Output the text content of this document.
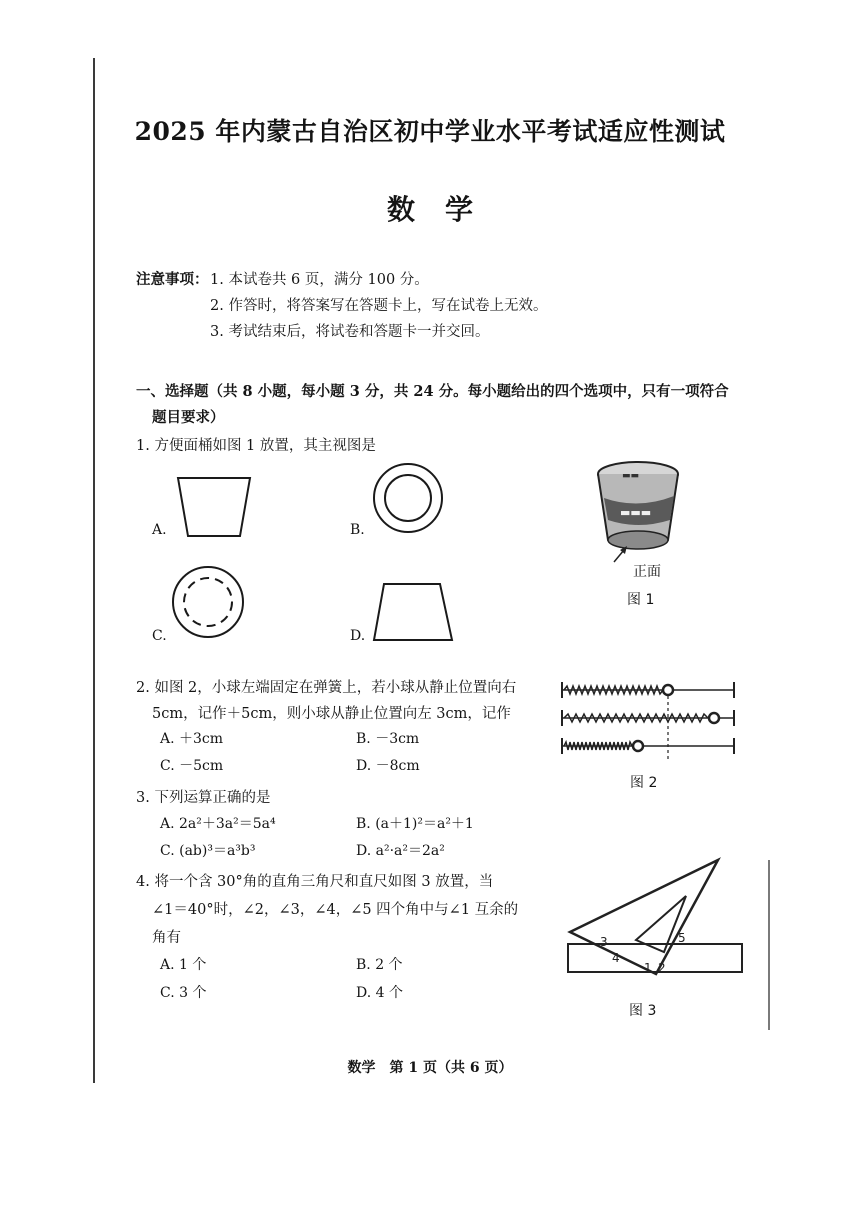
2025 年内蒙古自治区初中学业水平考试适应性测试
数学
注意事项： 1. 本试卷共 6 页，满分 100 分。
2. 作答时，将答案写在答题卡上，写在试卷上无效。
3. 考试结束后，将试卷和答题卡一并交回。
一、选择题（共 8 小题，每小题 3 分，共 24 分。每小题给出的四个选项中，只有一项符合
题目要求）
1. 方便面桶如图 1 放置，其主视图是
A.	B.
C.	D.
▬▬▬
▬▬
正面
图 1
2. 如图 2，小球左端固定在弹簧上，若小球从静止位置向右
5cm，记作＋5cm，则小球从静止位置向左 3cm，记作
A. ＋3cm	B. －3cm
C. －5cm	D. －8cm
图 2
3. 下列运算正确的是
A. 2a²＋3a²＝5a⁴	B. (a＋1)²＝a²＋1
C. (ab)³＝a³b³	D. a²·a²＝2a²
4. 将一个含 30°角的直角三角尺和直尺如图 3 放置，当
∠1＝40°时，∠2，∠3，∠4，∠5 四个角中与∠1 互余的
角有
A. 1 个	B. 2 个
C. 3 个	D. 4 个
3
4
1 2
5
图 3
数学　第 1 页（共 6 页）
